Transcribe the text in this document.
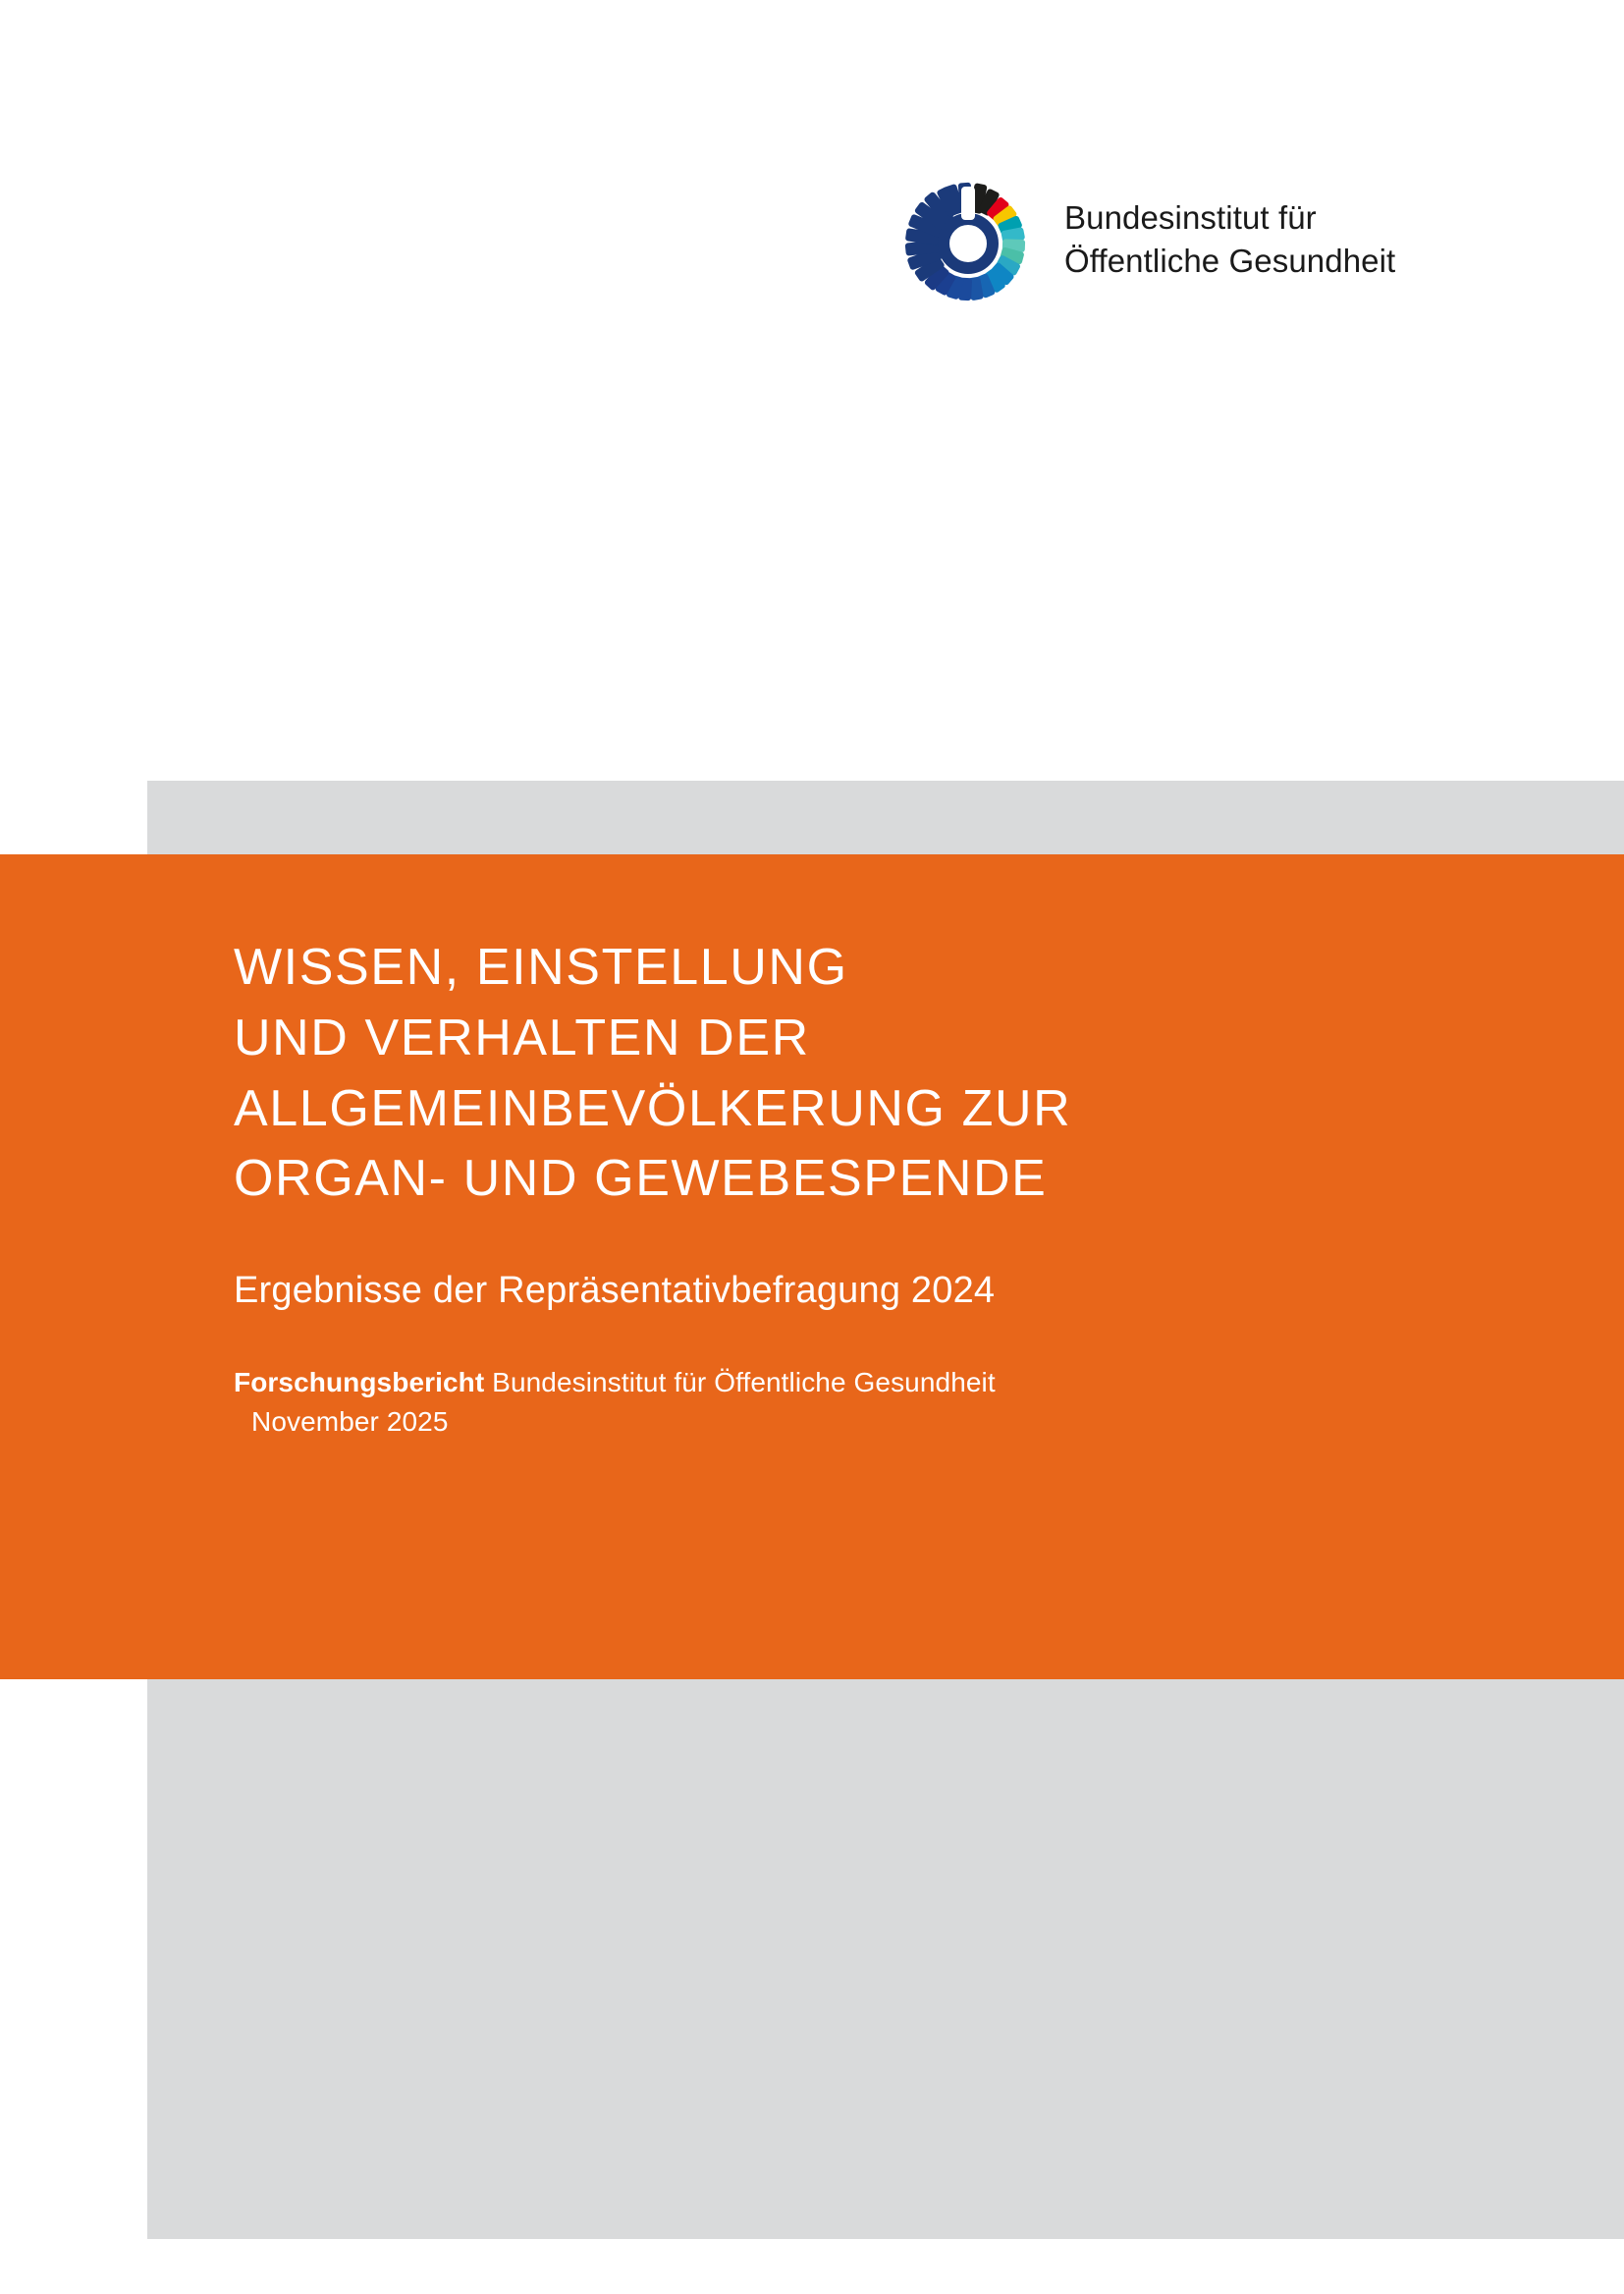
Bundesinstitut für
Öffentliche Gesundheit
WISSEN, EINSTELLUNG
UND VERHALTEN DER
ALLGEMEINBEVÖLKERUNG ZUR
ORGAN- UND GEWEBESPENDE

Ergebnisse der Repräsentativbefragung 2024

Forschungsbericht Bundesinstitut für Öffentliche Gesundheit
November 2025
